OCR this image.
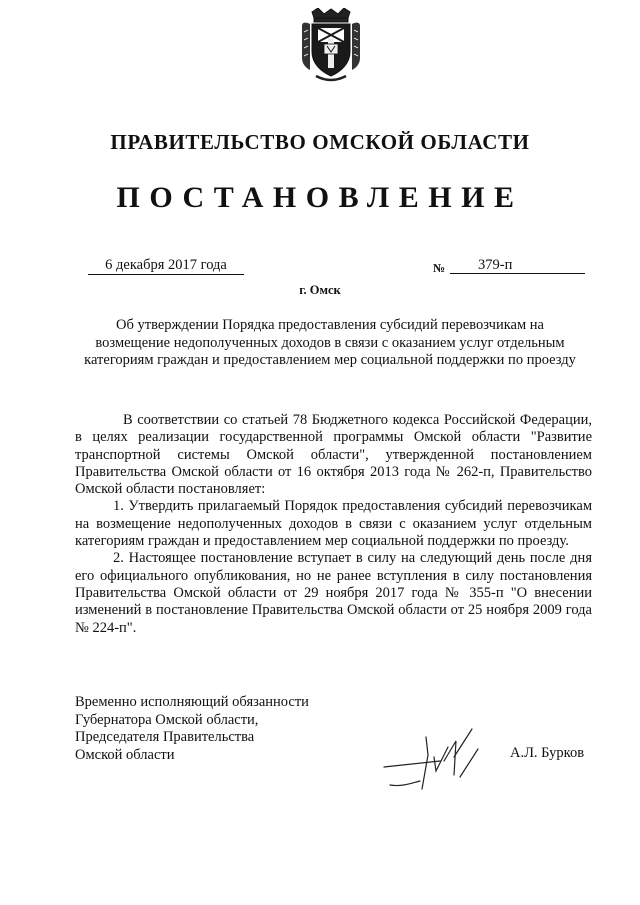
ПРАВИТЕЛЬСТВО ОМСКОЙ ОБЛАСТИ
ПОСТАНОВЛЕНИЕ
6 декабря 2017 года	№	379-п
г. Омск
Об утверждении Порядка предоставления субсидий перевозчикам на возмещение недополученных доходов в связи с оказанием услуг отдельным категориям граждан и предоставлением мер социальной поддержки по проезду

В соответствии со статьей 78 Бюджетного кодекса Российской Федерации, в целях реализации государственной программы Омской области "Развитие транспортной системы Омской области", утвержденной постановлением Правительства Омской области от 16 октября 2013 года № 262-п, Правительство Омской области постановляет:

1. Утвердить прилагаемый Порядок предоставления субсидий перевозчикам на возмещение недополученных доходов в связи с оказанием услуг отдельным категориям граждан и предоставлением мер социальной поддержки по проезду.

2. Настоящее постановление вступает в силу на следующий день после дня его официального опубликования, но не ранее вступления в силу постановления Правительства Омской области от 29 ноября 2017 года № 355-п "О внесении изменений в постановление Правительства Омской области от 25 ноября 2009 года № 224-п".

Временно исполняющий обязанности
Губернатора Омской области,
Председателя Правительства
Омской области	А.Л. Бурков
